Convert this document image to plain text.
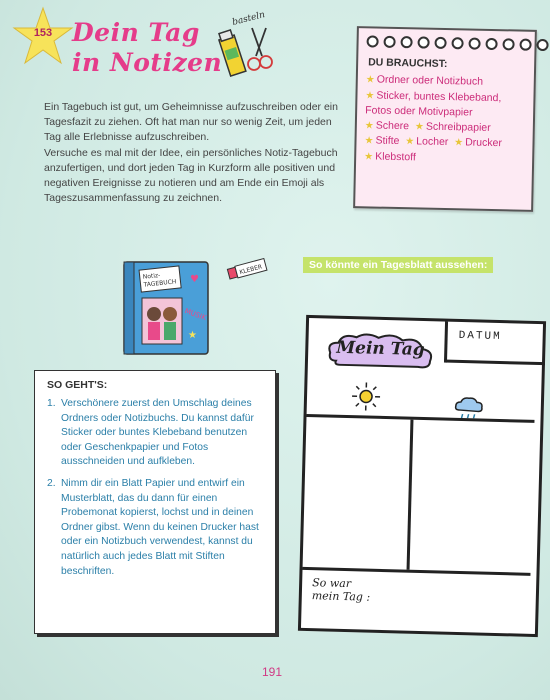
153 Dein Tag
in Notizen
basteln

Ein Tagebuch ist gut, um Geheimnisse aufzuschreiben oder ein Tagesfazit zu ziehen. Oft hat man nur so wenig Zeit, um jeden Tag alle Erlebnisse aufzuschreiben.

Versuche es mal mit der Idee, ein persönliches Notiz-Tagebuch anzufertigen, und dort jeden Tag in Kurzform alle positiven und negativen Ereignisse zu notieren und am Ende ein Emoji als Tageszusammenfassung zu zeichnen.

DU BRAUCHST:
★ Ordner oder Notizbuch
★ Sticker, buntes Klebeband, Fotos oder Motivpapier
★ Schere ★ Schreibpapier
★ Stifte ★ Locher ★ Drucker
★ Klebstoff
Notiz-
TAGEBUCH
MUSIK
♥
★
KLEBER	So könnte ein Tagesblatt aussehen:
SO GEHT'S:
1. Verschönere zuerst den Umschlag deines Ordners oder Notizbuchs. Du kannst dafür Sticker oder buntes Klebeband benutzen oder Geschenkpapier und Fotos ausschneiden und aufkleben.
2. Nimm dir ein Blatt Papier und entwirf ein Musterblatt, das du dann für einen Probemonat kopierst, lochst und in deinen Ordner gibst. Wenn du keinen Drucker hast oder ein Notizbuch verwendest, kannst du natürlich auch jedes Blatt mit Stiften beschriften.
Mein Tag
DATUM
So war
mein Tag :
191
